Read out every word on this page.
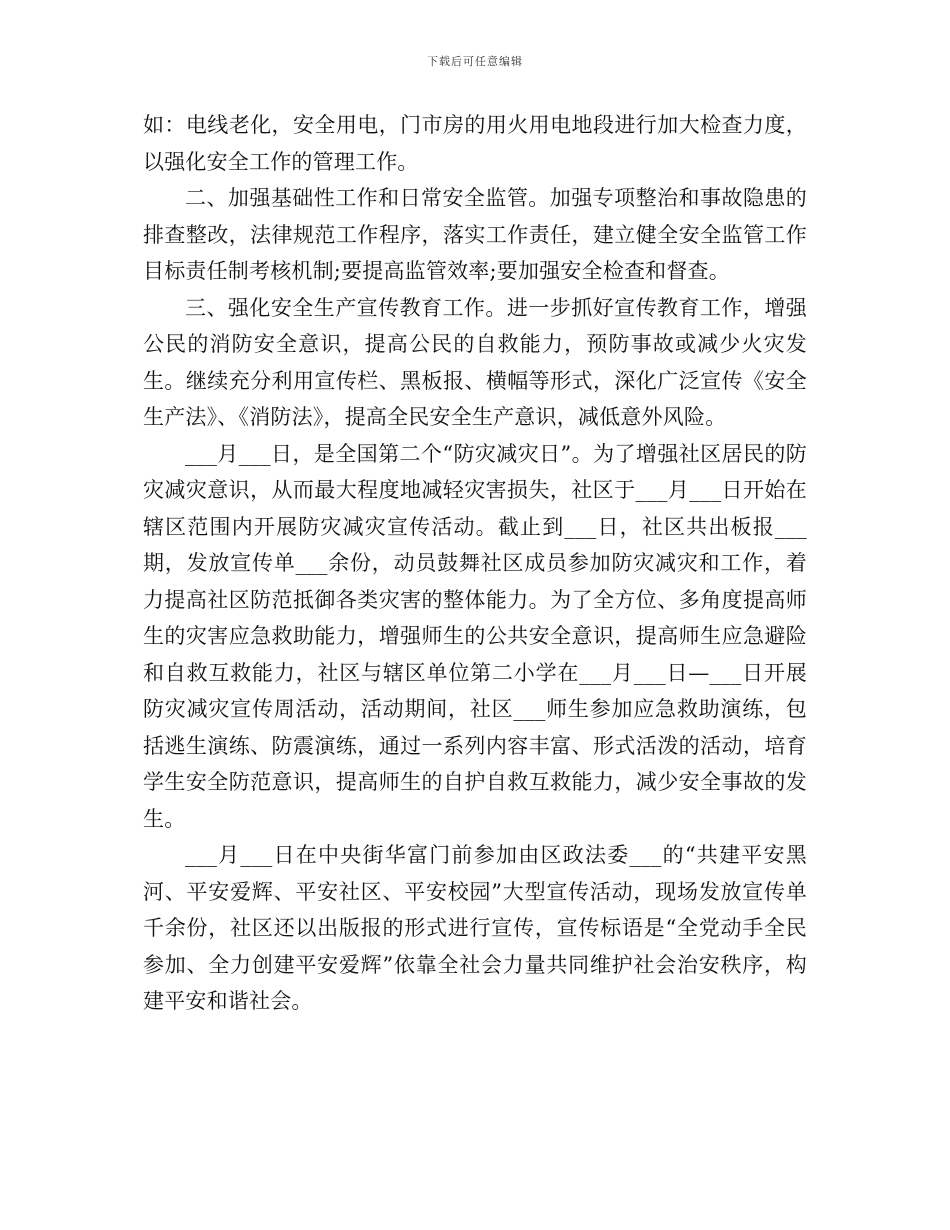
下载后可任意编辑

如：电线老化，安全用电，门市房的用火用电地段进行加大检查力度，以强化安全工作的管理工作。

二、加强基础性工作和日常安全监管。加强专项整治和事故隐患的排查整改，法律规范工作程序，落实工作责任，建立健全安全监管工作目标责任制考核机制;要提高监管效率;要加强安全检查和督查。

三、强化安全生产宣传教育工作。进一步抓好宣传教育工作，增强公民的消防安全意识，提高公民的自救能力，预防事故或减少火灾发生。继续充分利用宣传栏、黑板报、横幅等形式，深化广泛宣传《安全生产法》、《消防法》，提高全民安全生产意识，减低意外风险。

___月___日，是全国第二个“防灾减灾日”。为了增强社区居民的防灾减灾意识，从而最大程度地减轻灾害损失，社区于___月___日开始在辖区范围内开展防灾减灾宣传活动。截止到___日，社区共出板报___期，发放宣传单___余份，动员鼓舞社区成员参加防灾减灾和工作，着力提高社区防范抵御各类灾害的整体能力。为了全方位、多角度提高师生的灾害应急救助能力，增强师生的公共安全意识，提高师生应急避险和自救互救能力，社区与辖区单位第二小学在___月___日—___日开展防灾减灾宣传周活动，活动期间，社区___师生参加应急救助演练，包括逃生演练、防震演练，通过一系列内容丰富、形式活泼的活动，培育学生安全防范意识，提高师生的自护自救互救能力，减少安全事故的发生。

___月___日在中央街华富门前参加由区政法委___的“共建平安黑河、平安爱辉、平安社区、平安校园”大型宣传活动，现场发放宣传单千余份，社区还以出版报的形式进行宣传，宣传标语是“全党动手全民参加、全力创建平安爱辉”依靠全社会力量共同维护社会治安秩序，构建平安和谐社会。
